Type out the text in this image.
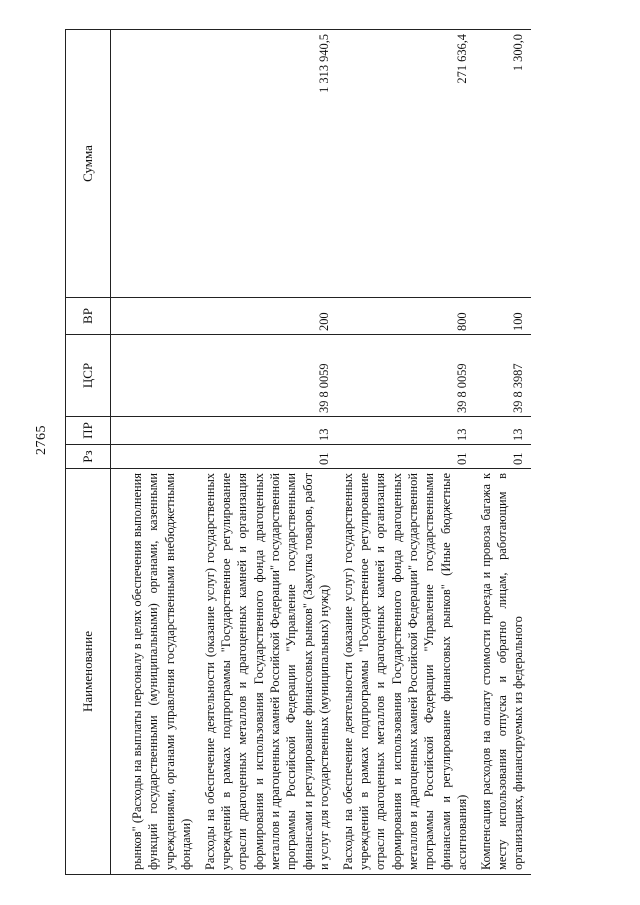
2765
Наименование	Рз	ПР	ЦСР	ВР	Сумма
рынков" (Расходы на выплаты персоналу в целях обеспечения выполнения функций государственными (муниципальными) органами, казенными учреждениями, органами управления государственными внебюджетными фондами)					
Расходы на обеспечение деятельности (оказание услуг) государственных учреждений в рамках подпрограммы "Государственное регулирование отрасли драгоценных металлов и драгоценных камней и организация формирования и использования Государственного фонда драгоценных металлов и драгоценных камней Российской Федерации" государственной программы Российской Федерации "Управление государственными финансами и регулирование финансовых рынков" (Закупка товаров, работ и услуг для государственных (муниципальных) нужд)	01	13	39 8 0059	200	1 313 940,5
Расходы на обеспечение деятельности (оказание услуг) государственных учреждений в рамках подпрограммы "Государственное регулирование отрасли драгоценных металлов и драгоценных камней и организация формирования и использования Государственного фонда драгоценных металлов и драгоценных камней Российской Федерации" государственной программы Российской Федерации "Управление государственными финансами и регулирование финансовых рынков" (Иные бюджетные ассигнования)	01	13	39 8 0059	800	271 636,4
Компенсация расходов на оплату стоимости проезда и провоза багажа к месту использования отпуска и обратно лицам, работающим в организациях, финансируемых из федерального	01	13	39 8 3987	100	1 300,0
